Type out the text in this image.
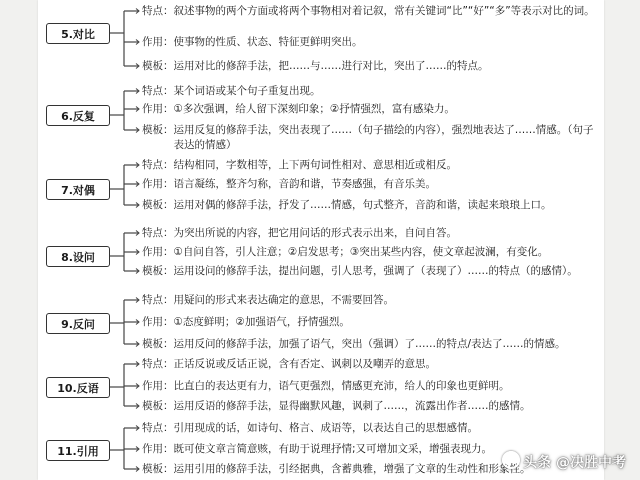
5.对比
特点： 叙述事物的两个方面或将两个事物相对着记叙，常有关键词“比”“好”“多”等表示对比的词。
作用： 使事物的性质、状态、特征更鲜明突出。
模板： 运用对比的修辞手法，把……与……进行对比，突出了……的特点。
6.反复
特点： 某个词语或某个句子重复出现。
作用： ①多次强调，给人留下深刻印象；②抒情强烈，富有感染力。
模板： 运用反复的修辞手法，突出表现了……（句子描绘的内容），强烈地表达了……情感。（句子表达的情感）
7.对偶
特点： 结构相同，字数相等，上下两句词性相对、意思相近或相反。
作用： 语言凝练，整齐匀称，音韵和谐，节奏感强，有音乐美。
模板： 运用对偶的修辞手法，抒发了……情感，句式整齐，音韵和谐，读起来琅琅上口。
8.设问
特点： 为突出所说的内容，把它用问话的形式表示出来，自问自答。
作用： ①自问自答，引人注意；②启发思考；③突出某些内容，使文章起波澜，有变化。
模板： 运用设问的修辞手法，提出问题，引人思考，强调了（表现了）……的特点（的感情）。
9.反问
特点： 用疑问的形式来表达确定的意思，不需要回答。
作用： ①态度鲜明；②加强语气，抒情强烈。
模板： 运用反问的修辞手法，加强了语气，突出（强调）了……的特点/表达了……的情感。
10.反语
特点： 正话反说或反话正说，含有否定、讽刺以及嘲弄的意思。
作用： 比直白的表达更有力，语气更强烈，情感更充沛，给人的印象也更鲜明。
模板： 运用反语的修辞手法，显得幽默风趣，讽刺了……，流露出作者……的感情。
11.引用
特点： 引用现成的话，如诗句、格言、成语等，以表达自己的思想感情。
作用： 既可使文章言简意赅，有助于说理抒情;又可增加文采，增强表现力。
模板： 运用引用的修辞手法，引经据典，含蓄典雅，增强了文章的生动性和形象性。
头条 @决胜中考
